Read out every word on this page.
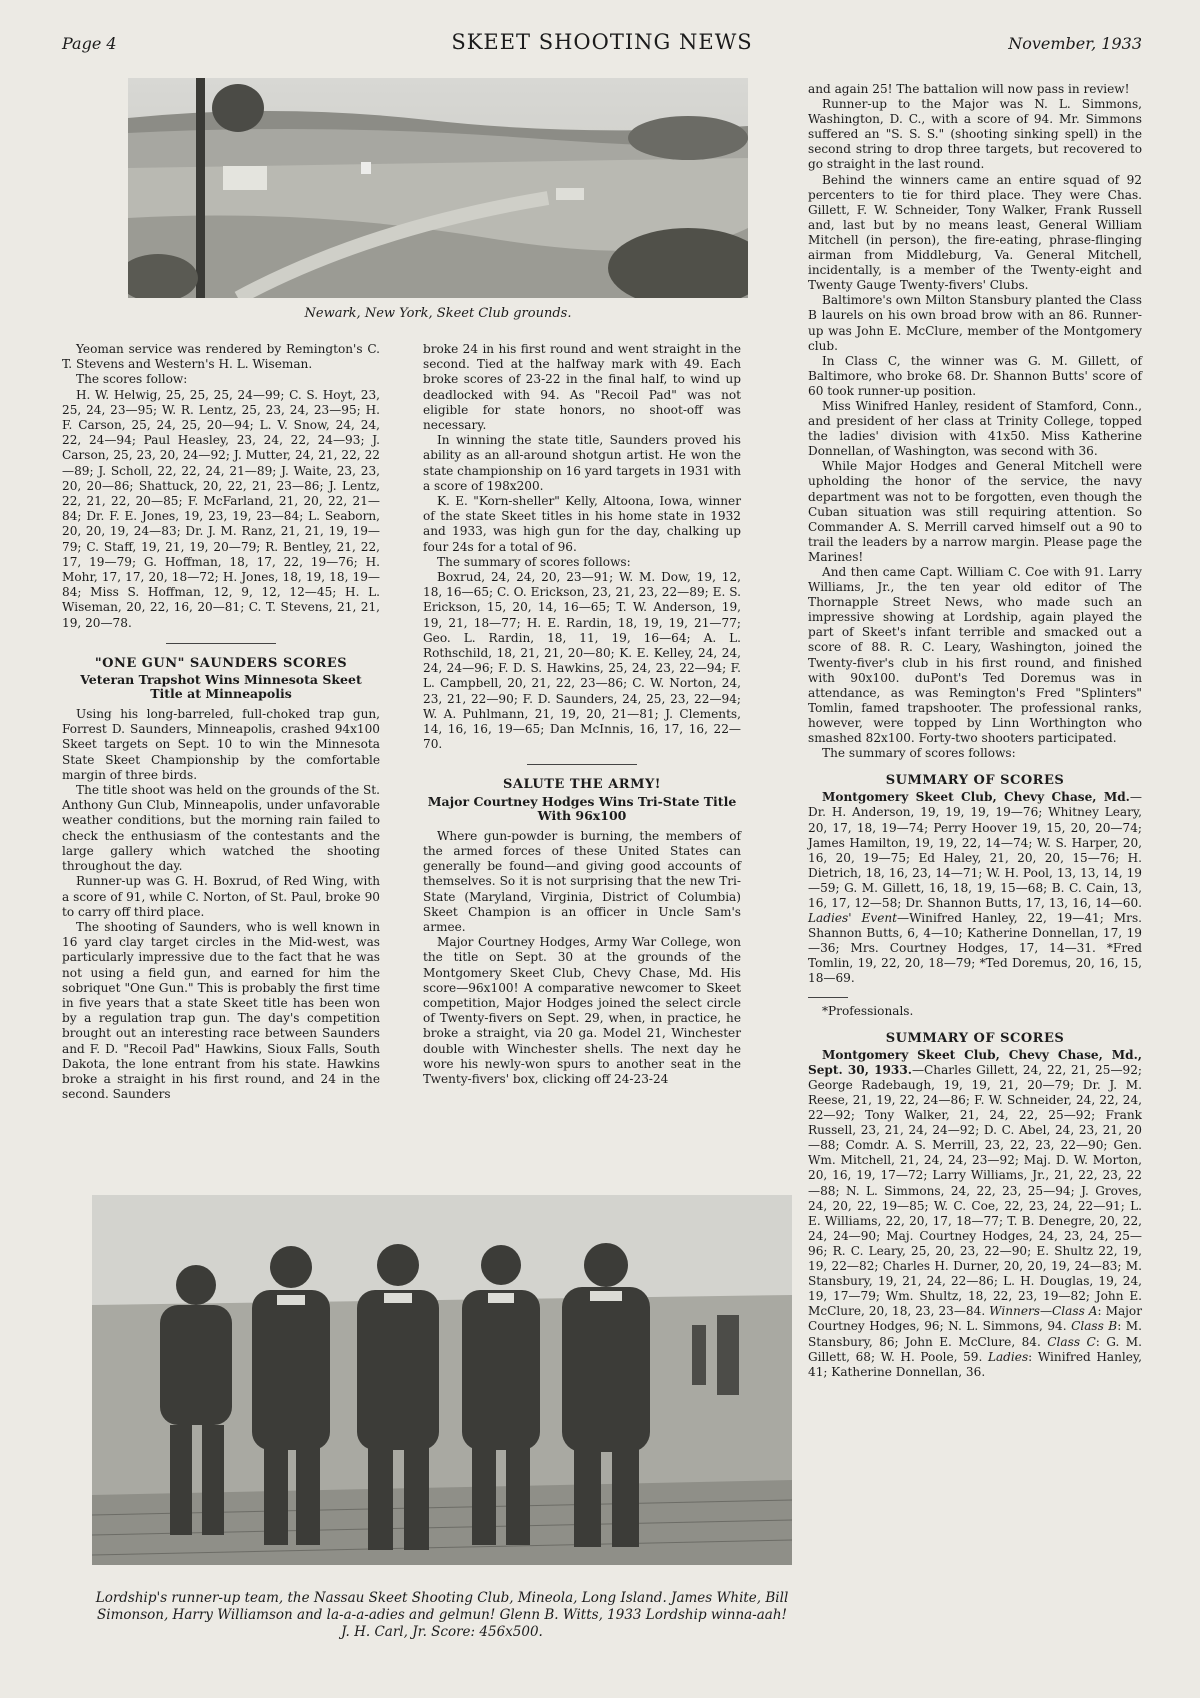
Page 4	SKEET SHOOTING NEWS	November, 1933
Newark, New York, Skeet Club grounds.

Yeoman service was rendered by Remington's C. T. Stevens and Western's H. L. Wiseman.

The scores follow:

H. W. Helwig, 25, 25, 25, 24—99; C. S. Hoyt, 23, 25, 24, 23—95; W. R. Lentz, 25, 23, 24, 23—95; H. F. Carson, 25, 24, 25, 20—94; L. V. Snow, 24, 24, 22, 24—94; Paul Heasley, 23, 24, 22, 24—93; J. Carson, 25, 23, 20, 24—92; J. Mutter, 24, 21, 22, 22—89; J. Scholl, 22, 22, 24, 21—89; J. Waite, 23, 23, 20, 20—86; Shattuck, 20, 22, 21, 23—86; J. Lentz, 22, 21, 22, 20—85; F. McFarland, 21, 20, 22, 21—84; Dr. F. E. Jones, 19, 23, 19, 23—84; L. Seaborn, 20, 20, 19, 24—83; Dr. J. M. Ranz, 21, 21, 19, 19—79; C. Staff, 19, 21, 19, 20—79; R. Bentley, 21, 22, 17, 19—79; G. Hoffman, 18, 17, 22, 19—76; H. Mohr, 17, 17, 20, 18—72; H. Jones, 18, 19, 18, 19—84; Miss S. Hoffman, 12, 9, 12, 12—45; H. L. Wiseman, 20, 22, 16, 20—81; C. T. Stevens, 21, 21, 19, 20—78.

"ONE GUN" SAUNDERS SCORES
Veteran Trapshot Wins Minnesota Skeet Title at Minneapolis

Using his long-barreled, full-choked trap gun, Forrest D. Saunders, Minneapolis, crashed 94x100 Skeet targets on Sept. 10 to win the Minnesota State Skeet Championship by the comfortable margin of three birds.

The title shoot was held on the grounds of the St. Anthony Gun Club, Minneapolis, under unfavorable weather conditions, but the morning rain failed to check the enthusiasm of the contestants and the large gallery which watched the shooting throughout the day.

Runner-up was G. H. Boxrud, of Red Wing, with a score of 91, while C. Norton, of St. Paul, broke 90 to carry off third place.

The shooting of Saunders, who is well known in 16 yard clay target circles in the Mid-west, was particularly impressive due to the fact that he was not using a field gun, and earned for him the sobriquet "One Gun." This is probably the first time in five years that a state Skeet title has been won by a regulation trap gun. The day's competition brought out an interesting race between Saunders and F. D. "Recoil Pad" Hawkins, Sioux Falls, South Dakota, the lone entrant from his state. Hawkins broke a straight in his first round, and 24 in the second. Saunders

broke 24 in his first round and went straight in the second. Tied at the halfway mark with 49. Each broke scores of 23-22 in the final half, to wind up deadlocked with 94. As "Recoil Pad" was not eligible for state honors, no shoot-off was necessary.

In winning the state title, Saunders proved his ability as an all-around shotgun artist. He won the state championship on 16 yard targets in 1931 with a score of 198x200.

K. E. "Korn-sheller" Kelly, Altoona, Iowa, winner of the state Skeet titles in his home state in 1932 and 1933, was high gun for the day, chalking up four 24s for a total of 96.

The summary of scores follows:

Boxrud, 24, 24, 20, 23—91; W. M. Dow, 19, 12, 18, 16—65; C. O. Erickson, 23, 21, 23, 22—89; E. S. Erickson, 15, 20, 14, 16—65; T. W. Anderson, 19, 19, 21, 18—77; H. E. Rardin, 18, 19, 19, 21—77; Geo. L. Rardin, 18, 11, 19, 16—64; A. L. Rothschild, 18, 21, 21, 20—80; K. E. Kelley, 24, 24, 24, 24—96; F. D. S. Hawkins, 25, 24, 23, 22—94; F. L. Campbell, 20, 21, 22, 23—86; C. W. Norton, 24, 23, 21, 22—90; F. D. Saunders, 24, 25, 23, 22—94; W. A. Puhlmann, 21, 19, 20, 21—81; J. Clements, 14, 16, 16, 19—65; Dan McInnis, 16, 17, 16, 22—70.

SALUTE THE ARMY!
Major Courtney Hodges Wins Tri-State Title With 96x100

Where gun-powder is burning, the members of the armed forces of these United States can generally be found—and giving good accounts of themselves. So it is not surprising that the new Tri-State (Maryland, Virginia, District of Columbia) Skeet Champion is an officer in Uncle Sam's armee.

Major Courtney Hodges, Army War College, won the title on Sept. 30 at the grounds of the Montgomery Skeet Club, Chevy Chase, Md. His score—96x100! A comparative newcomer to Skeet competition, Major Hodges joined the select circle of Twenty-fivers on Sept. 29, when, in practice, he broke a straight, via 20 ga. Model 21, Winchester double with Winchester shells. The next day he wore his newly-won spurs to another seat in the Twenty-fivers' box, clicking off 24-23-24

and again 25! The battalion will now pass in review!

Runner-up to the Major was N. L. Simmons, Washington, D. C., with a score of 94. Mr. Simmons suffered an "S. S. S." (shooting sinking spell) in the second string to drop three targets, but recovered to go straight in the last round.

Behind the winners came an entire squad of 92 percenters to tie for third place. They were Chas. Gillett, F. W. Schneider, Tony Walker, Frank Russell and, last but by no means least, General William Mitchell (in person), the fire-eating, phrase-flinging airman from Middleburg, Va. General Mitchell, incidentally, is a member of the Twenty-eight and Twenty Gauge Twenty-fivers' Clubs.

Baltimore's own Milton Stansbury planted the Class B laurels on his own broad brow with an 86. Runner-up was John E. McClure, member of the Montgomery club.

In Class C, the winner was G. M. Gillett, of Baltimore, who broke 68. Dr. Shannon Butts' score of 60 took runner-up position.

Miss Winifred Hanley, resident of Stamford, Conn., and president of her class at Trinity College, topped the ladies' division with 41x50. Miss Katherine Donnellan, of Washington, was second with 36.

While Major Hodges and General Mitchell were upholding the honor of the service, the navy department was not to be forgotten, even though the Cuban situation was still requiring attention. So Commander A. S. Merrill carved himself out a 90 to trail the leaders by a narrow margin. Please page the Marines!

And then came Capt. William C. Coe with 91. Larry Williams, Jr., the ten year old editor of The Thornapple Street News, who made such an impressive showing at Lordship, again played the part of Skeet's infant terrible and smacked out a score of 88. R. C. Leary, Washington, joined the Twenty-fiver's club in his first round, and finished with 90x100. duPont's Ted Doremus was in attendance, as was Remington's Fred "Splinters" Tomlin, famed trapshooter. The professional ranks, however, were topped by Linn Worthington who smashed 82x100. Forty-two shooters participated.

The summary of scores follows:

SUMMARY OF SCORES

Montgomery Skeet Club, Chevy Chase, Md.—Dr. H. Anderson, 19, 19, 19, 19—76; Whitney Leary, 20, 17, 18, 19—74; Perry Hoover 19, 15, 20, 20—74; James Hamilton, 19, 19, 22, 14—74; W. S. Harper, 20, 16, 20, 19—75; Ed Haley, 21, 20, 20, 15—76; H. Dietrich, 18, 16, 23, 14—71; W. H. Pool, 13, 13, 14, 19—59; G. M. Gillett, 16, 18, 19, 15—68; B. C. Cain, 13, 16, 17, 12—58; Dr. Shannon Butts, 17, 13, 16, 14—60. Ladies' Event—Winifred Hanley, 22, 19—41; Mrs. Shannon Butts, 6, 4—10; Katherine Donnellan, 17, 19—36; Mrs. Courtney Hodges, 17, 14—31. *Fred Tomlin, 19, 22, 20, 18—79; *Ted Doremus, 20, 16, 15, 18—69.

*Professionals.

SUMMARY OF SCORES

Montgomery Skeet Club, Chevy Chase, Md., Sept. 30, 1933.—Charles Gillett, 24, 22, 21, 25—92; George Radebaugh, 19, 19, 21, 20—79; Dr. J. M. Reese, 21, 19, 22, 24—86; F. W. Schneider, 24, 22, 24, 22—92; Tony Walker, 21, 24, 22, 25—92; Frank Russell, 23, 21, 24, 24—92; D. C. Abel, 24, 23, 21, 20—88; Comdr. A. S. Merrill, 23, 22, 23, 22—90; Gen. Wm. Mitchell, 21, 24, 24, 23—92; Maj. D. W. Morton, 20, 16, 19, 17—72; Larry Williams, Jr., 21, 22, 23, 22—88; N. L. Simmons, 24, 22, 23, 25—94; J. Groves, 24, 20, 22, 19—85; W. C. Coe, 22, 23, 24, 22—91; L. E. Williams, 22, 20, 17, 18—77; T. B. Denegre, 20, 22, 24, 24—90; Maj. Courtney Hodges, 24, 23, 24, 25—96; R. C. Leary, 25, 20, 23, 22—90; E. Shultz 22, 19, 19, 22—82; Charles H. Durner, 20, 20, 19, 24—83; M. Stansbury, 19, 21, 24, 22—86; L. H. Douglas, 19, 24, 19, 17—79; Wm. Shultz, 18, 22, 23, 19—82; John E. McClure, 20, 18, 23, 23—84. Winners—Class A: Major Courtney Hodges, 96; N. L. Simmons, 94. Class B: M. Stansbury, 86; John E. McClure, 84. Class C: G. M. Gillett, 68; W. H. Poole, 59. Ladies: Winifred Hanley, 41; Katherine Donnellan, 36.

Lordship's runner-up team, the Nassau Skeet Shooting Club, Mineola, Long Island. James White, Bill Simonson, Harry Williamson and la-a-a-adies and gelmun! Glenn B. Witts, 1933 Lordship winna-aah! J. H. Carl, Jr. Score: 456x500.
